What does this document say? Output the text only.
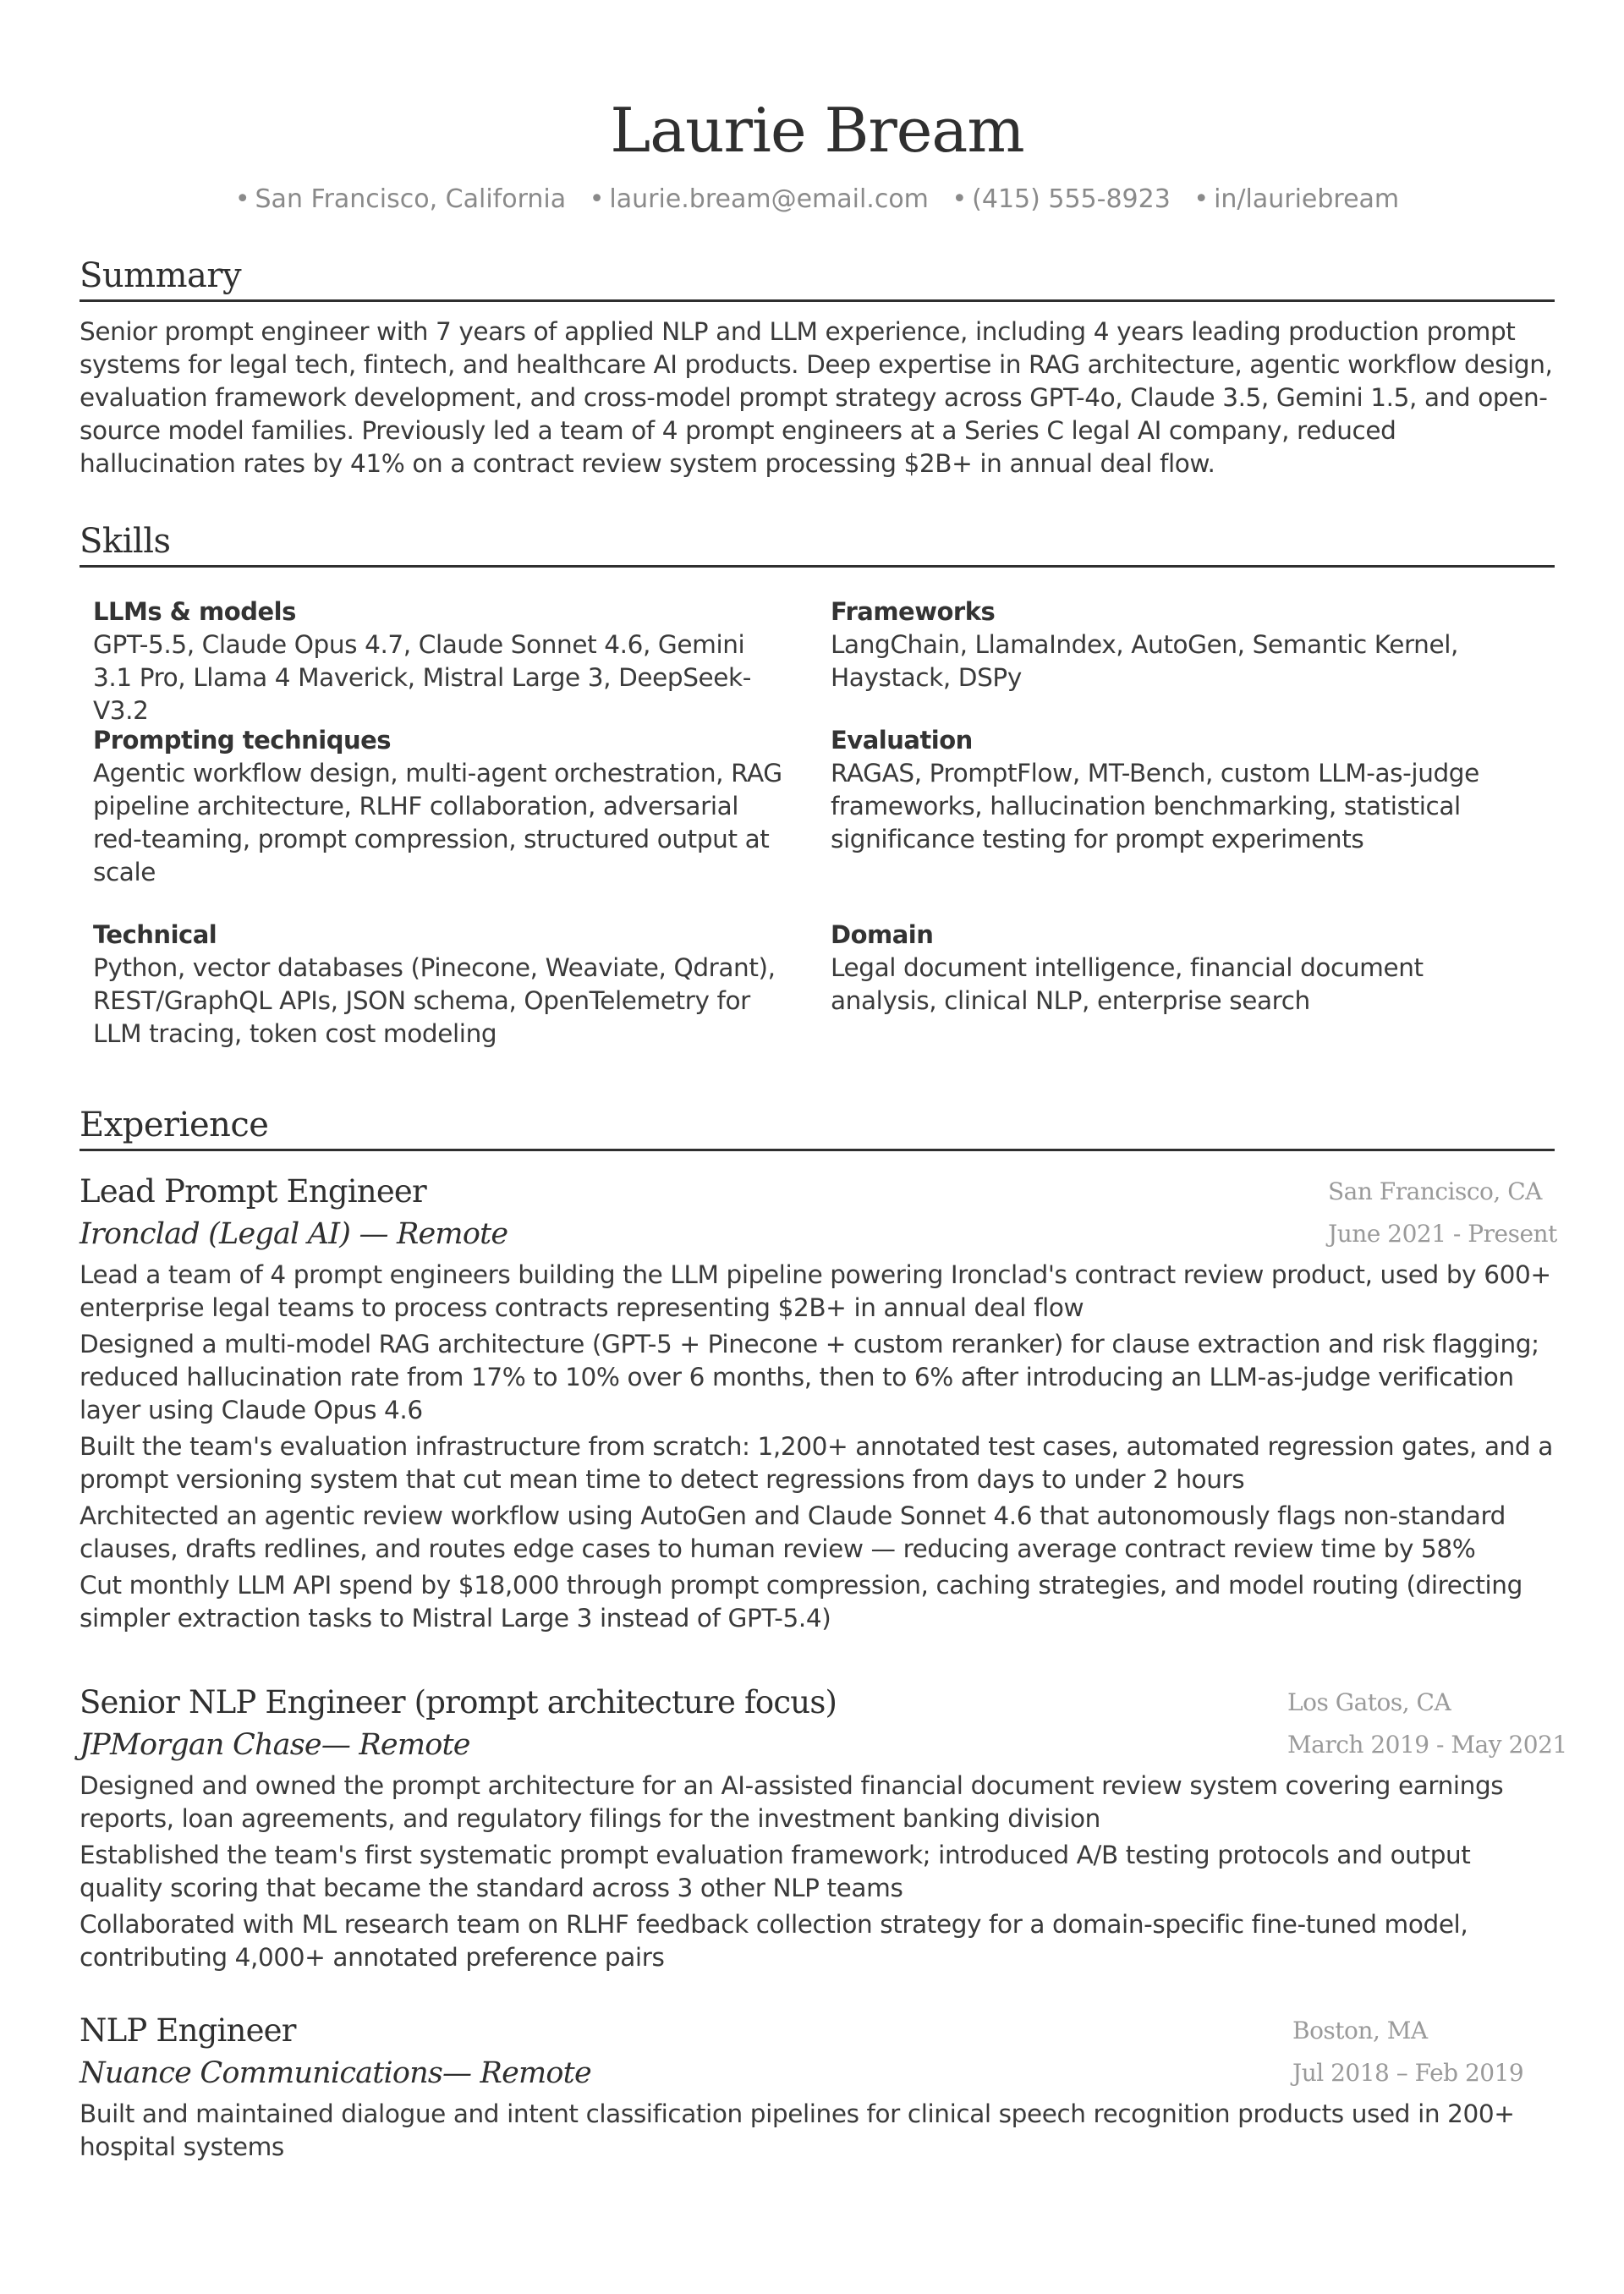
Laurie Bream
• San Francisco, California • laurie.bream@email.com • (415) 555-8923 • in/lauriebream
Summary
Senior prompt engineer with 7 years of applied NLP and LLM experience, including 4 years leading production prompt systems for legal tech, fintech, and healthcare AI products. Deep expertise in RAG architecture, agentic workflow design, evaluation framework development, and cross-model prompt strategy across GPT-4o, Claude 3.5, Gemini 1.5, and open-source model families. Previously led a team of 4 prompt engineers at a Series C legal AI company, reduced hallucination rates by 41% on a contract review system processing $2B+ in annual deal flow.
Skills
LLMs & models
GPT-5.5, Claude Opus 4.7, Claude Sonnet 4.6, Gemini 3.1 Pro, Llama 4 Maverick, Mistral Large 3, DeepSeek-V3.2
Frameworks
LangChain, LlamaIndex, AutoGen, Semantic Kernel, Haystack, DSPy
Prompting techniques
Agentic workflow design, multi-agent orchestration, RAG pipeline architecture, RLHF collaboration, adversarial red-teaming, prompt compression, structured output at scale
Evaluation
RAGAS, PromptFlow, MT-Bench, custom LLM-as-judge frameworks, hallucination benchmarking, statistical significance testing for prompt experiments
Technical
Python, vector databases (Pinecone, Weaviate, Qdrant), REST/GraphQL APIs, JSON schema, OpenTelemetry for LLM tracing, token cost modeling
Domain
Legal document intelligence, financial document analysis, clinical NLP, enterprise search
Experience
Lead Prompt Engineer	San Francisco, CA
Ironclad (Legal AI) — Remote	June 2021 - Present
Lead a team of 4 prompt engineers building the LLM pipeline powering Ironclad's contract review product, used by 600+ enterprise legal teams to process contracts representing $2B+ in annual deal flow
Designed a multi-model RAG architecture (GPT-5 + Pinecone + custom reranker) for clause extraction and risk flagging; reduced hallucination rate from 17% to 10% over 6 months, then to 6% after introducing an LLM-as-judge verification layer using Claude Opus 4.6
Built the team's evaluation infrastructure from scratch: 1,200+ annotated test cases, automated regression gates, and a prompt versioning system that cut mean time to detect regressions from days to under 2 hours
Architected an agentic review workflow using AutoGen and Claude Sonnet 4.6 that autonomously flags non-standard clauses, drafts redlines, and routes edge cases to human review — reducing average contract review time by 58%
Cut monthly LLM API spend by $18,000 through prompt compression, caching strategies, and model routing (directing simpler extraction tasks to Mistral Large 3 instead of GPT-5.4)
Senior NLP Engineer (prompt architecture focus)	Los Gatos, CA
JPMorgan Chase— Remote	March 2019 - May 2021
Designed and owned the prompt architecture for an AI-assisted financial document review system covering earnings reports, loan agreements, and regulatory filings for the investment banking division
Established the team's first systematic prompt evaluation framework; introduced A/B testing protocols and output quality scoring that became the standard across 3 other NLP teams
Collaborated with ML research team on RLHF feedback collection strategy for a domain-specific fine-tuned model, contributing 4,000+ annotated preference pairs
NLP Engineer	Boston, MA
Nuance Communications— Remote	Jul 2018 – Feb 2019
Built and maintained dialogue and intent classification pipelines for clinical speech recognition products used in 200+ hospital systems
